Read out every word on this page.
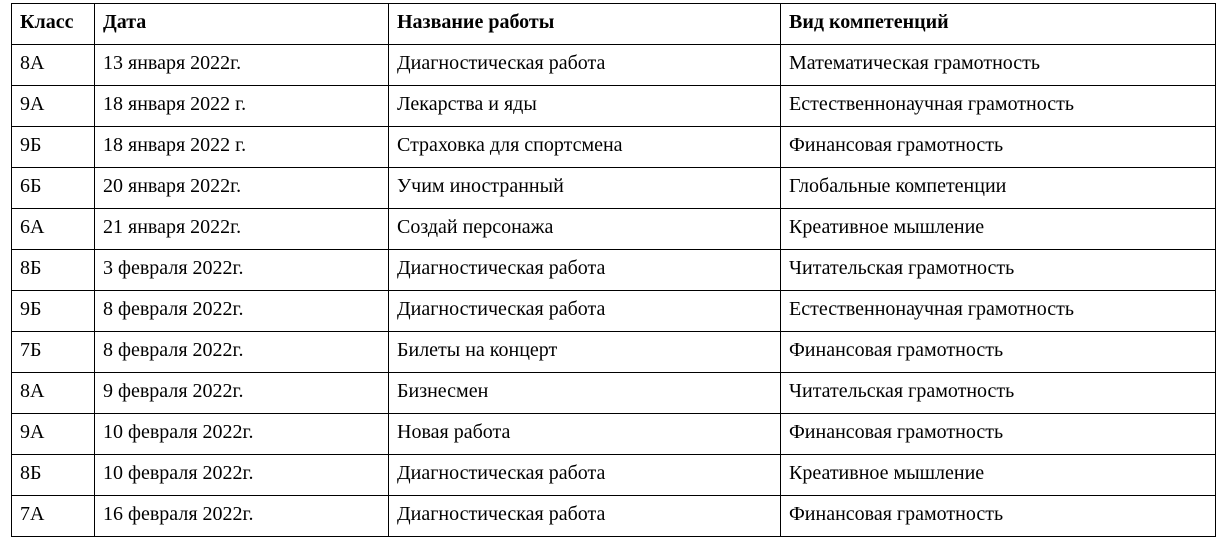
Класс	Дата	Название работы	Вид компетенций

8А	13 января 2022г.	Диагностическая работа	Математическая грамотность

9А	18 января 2022 г.	Лекарства и яды	Естественнонаучная грамотность

9Б	18 января 2022 г.	Страховка для спортсмена	Финансовая грамотность

6Б	20 января 2022г.	Учим иностранный	Глобальные компетенции

6А	21 января 2022г.	Создай персонажа	Креативное мышление

8Б	3 февраля 2022г.	Диагностическая работа	Читательская грамотность

9Б	8 февраля 2022г.	Диагностическая работа	Естественнонаучная грамотность

7Б	8 февраля 2022г.	Билеты на концерт	Финансовая грамотность

8А	9 февраля 2022г.	Бизнесмен	Читательская грамотность

9А	10 февраля 2022г.	Новая работа	Финансовая грамотность

8Б	10 февраля 2022г.	Диагностическая работа	Креативное мышление

7А	16 февраля 2022г.	Диагностическая работа	Финансовая грамотность
